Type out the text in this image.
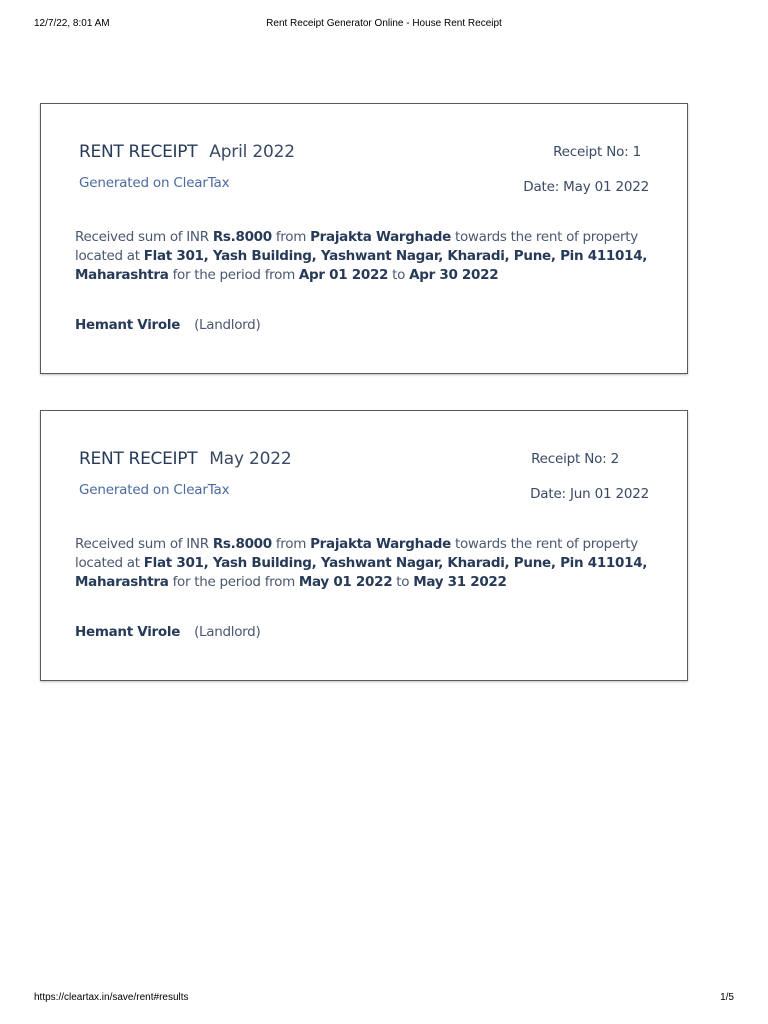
12/7/22, 8:01 AM	Rent Receipt Generator Online - House Rent Receipt
RENT RECEIPT April 2022
Generated on ClearTax
Receipt No: 1
Date: May 01 2022
Received sum of INR Rs.8000 from Prajakta Warghade towards the rent of property located at Flat 301, Yash Building, Yashwant Nagar, Kharadi, Pune, Pin 411014, Maharashtra for the period from Apr 01 2022 to Apr 30 2022
Hemant Virole (Landlord)
RENT RECEIPT May 2022
Generated on ClearTax
Receipt No: 2
Date: Jun 01 2022
Received sum of INR Rs.8000 from Prajakta Warghade towards the rent of property located at Flat 301, Yash Building, Yashwant Nagar, Kharadi, Pune, Pin 411014, Maharashtra for the period from May 01 2022 to May 31 2022
Hemant Virole (Landlord)
https://cleartax.in/save/rent#results	1/5
